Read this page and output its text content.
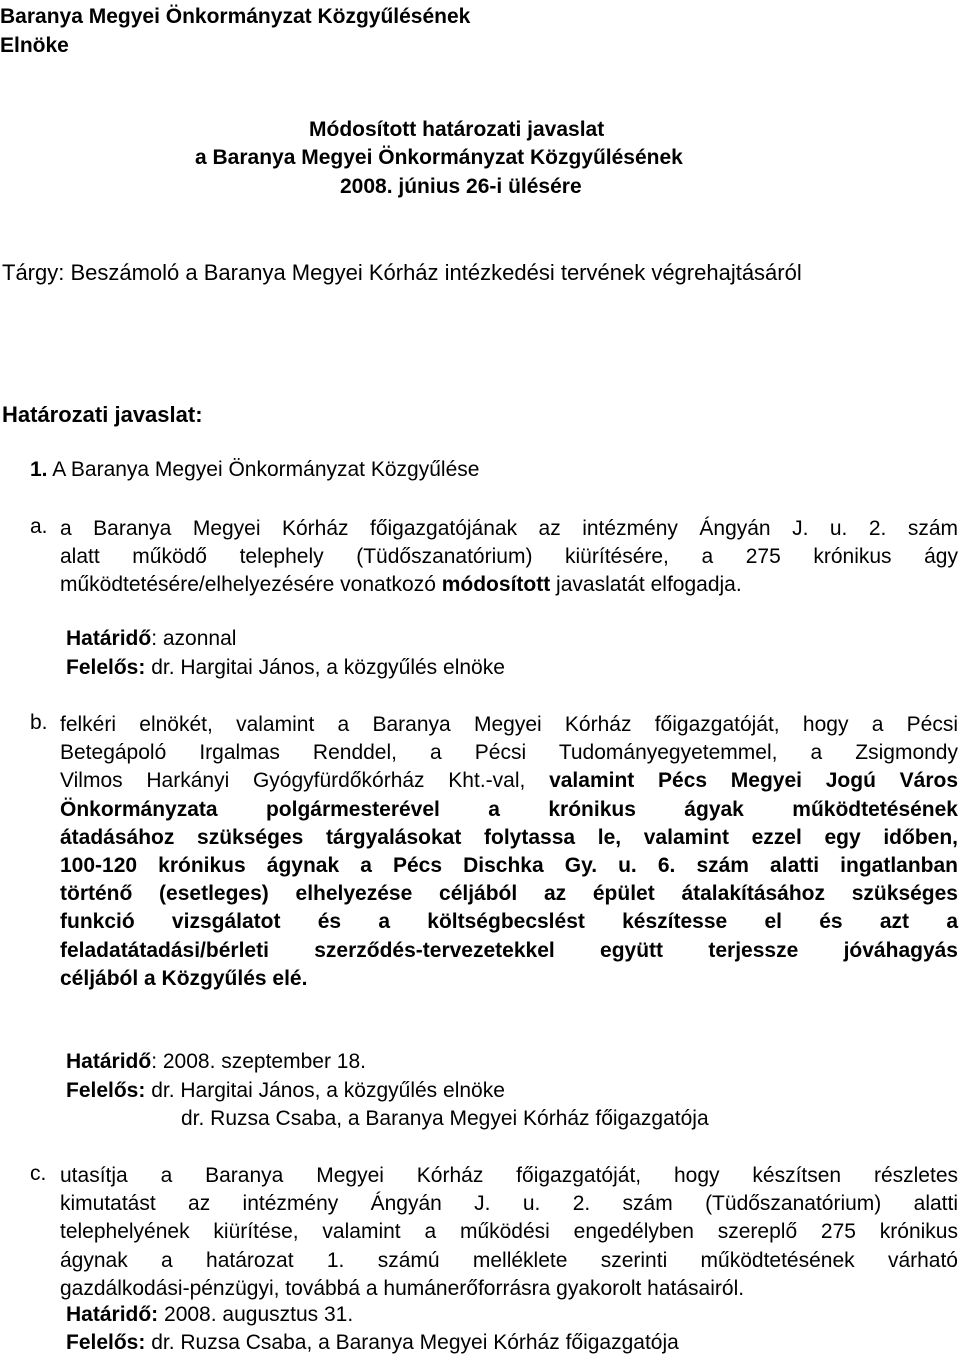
Baranya Megyei Önkormányzat Közgyűlésének
Elnöke
Módosított határozati javaslat
a Baranya Megyei Önkormányzat Közgyűlésének
2008. június 26-i ülésére
Tárgy: Beszámoló a Baranya Megyei Kórház intézkedési tervének végrehajtásáról
Határozati javaslat:
1. A Baranya Megyei Önkormányzat Közgyűlése
a. a Baranya Megyei Kórház főigazgatójának az intézmény Ángyán J. u. 2. szám
alatt működő telephely (Tüdőszanatórium) kiürítésére, a 275 krónikus ágy
működtetésére/elhelyezésére vonatkozó módosított javaslatát elfogadja.
Határidő: azonnal
Felelős: dr. Hargitai János, a közgyűlés elnöke
b. felkéri elnökét, valamint a Baranya Megyei Kórház főigazgatóját, hogy a Pécsi
Betegápoló Irgalmas Renddel, a Pécsi Tudományegyetemmel, a Zsigmondy
Vilmos Harkányi Gyógyfürdőkórház Kht.-val, valamint Pécs Megyei Jogú Város
Önkormányzata polgármesterével a krónikus ágyak működtetésének
átadásához szükséges tárgyalásokat folytassa le, valamint ezzel egy időben,
100-120 krónikus ágynak a Pécs Dischka Gy. u. 6. szám alatti ingatlanban
történő (esetleges) elhelyezése céljából az épület átalakításához szükséges
funkció vizsgálatot és a költségbecslést készítesse el és azt a
feladatátadási/bérleti szerződés-tervezetekkel együtt terjessze jóváhagyás
céljából a Közgyűlés elé.
Határidő: 2008. szeptember 18.
Felelős: dr. Hargitai János, a közgyűlés elnöke
dr. Ruzsa Csaba, a Baranya Megyei Kórház főigazgatója
c. utasítja a Baranya Megyei Kórház főigazgatóját, hogy készítsen részletes
kimutatást az intézmény Ángyán J. u. 2. szám (Tüdőszanatórium) alatti
telephelyének kiürítése, valamint a működési engedélyben szereplő 275 krónikus
ágynak a határozat 1. számú melléklete szerinti működtetésének várható
gazdálkodási-pénzügyi, továbbá a humánerőforrásra gyakorolt hatásairól.
Határidő: 2008. augusztus 31.
Felelős: dr. Ruzsa Csaba, a Baranya Megyei Kórház főigazgatója
